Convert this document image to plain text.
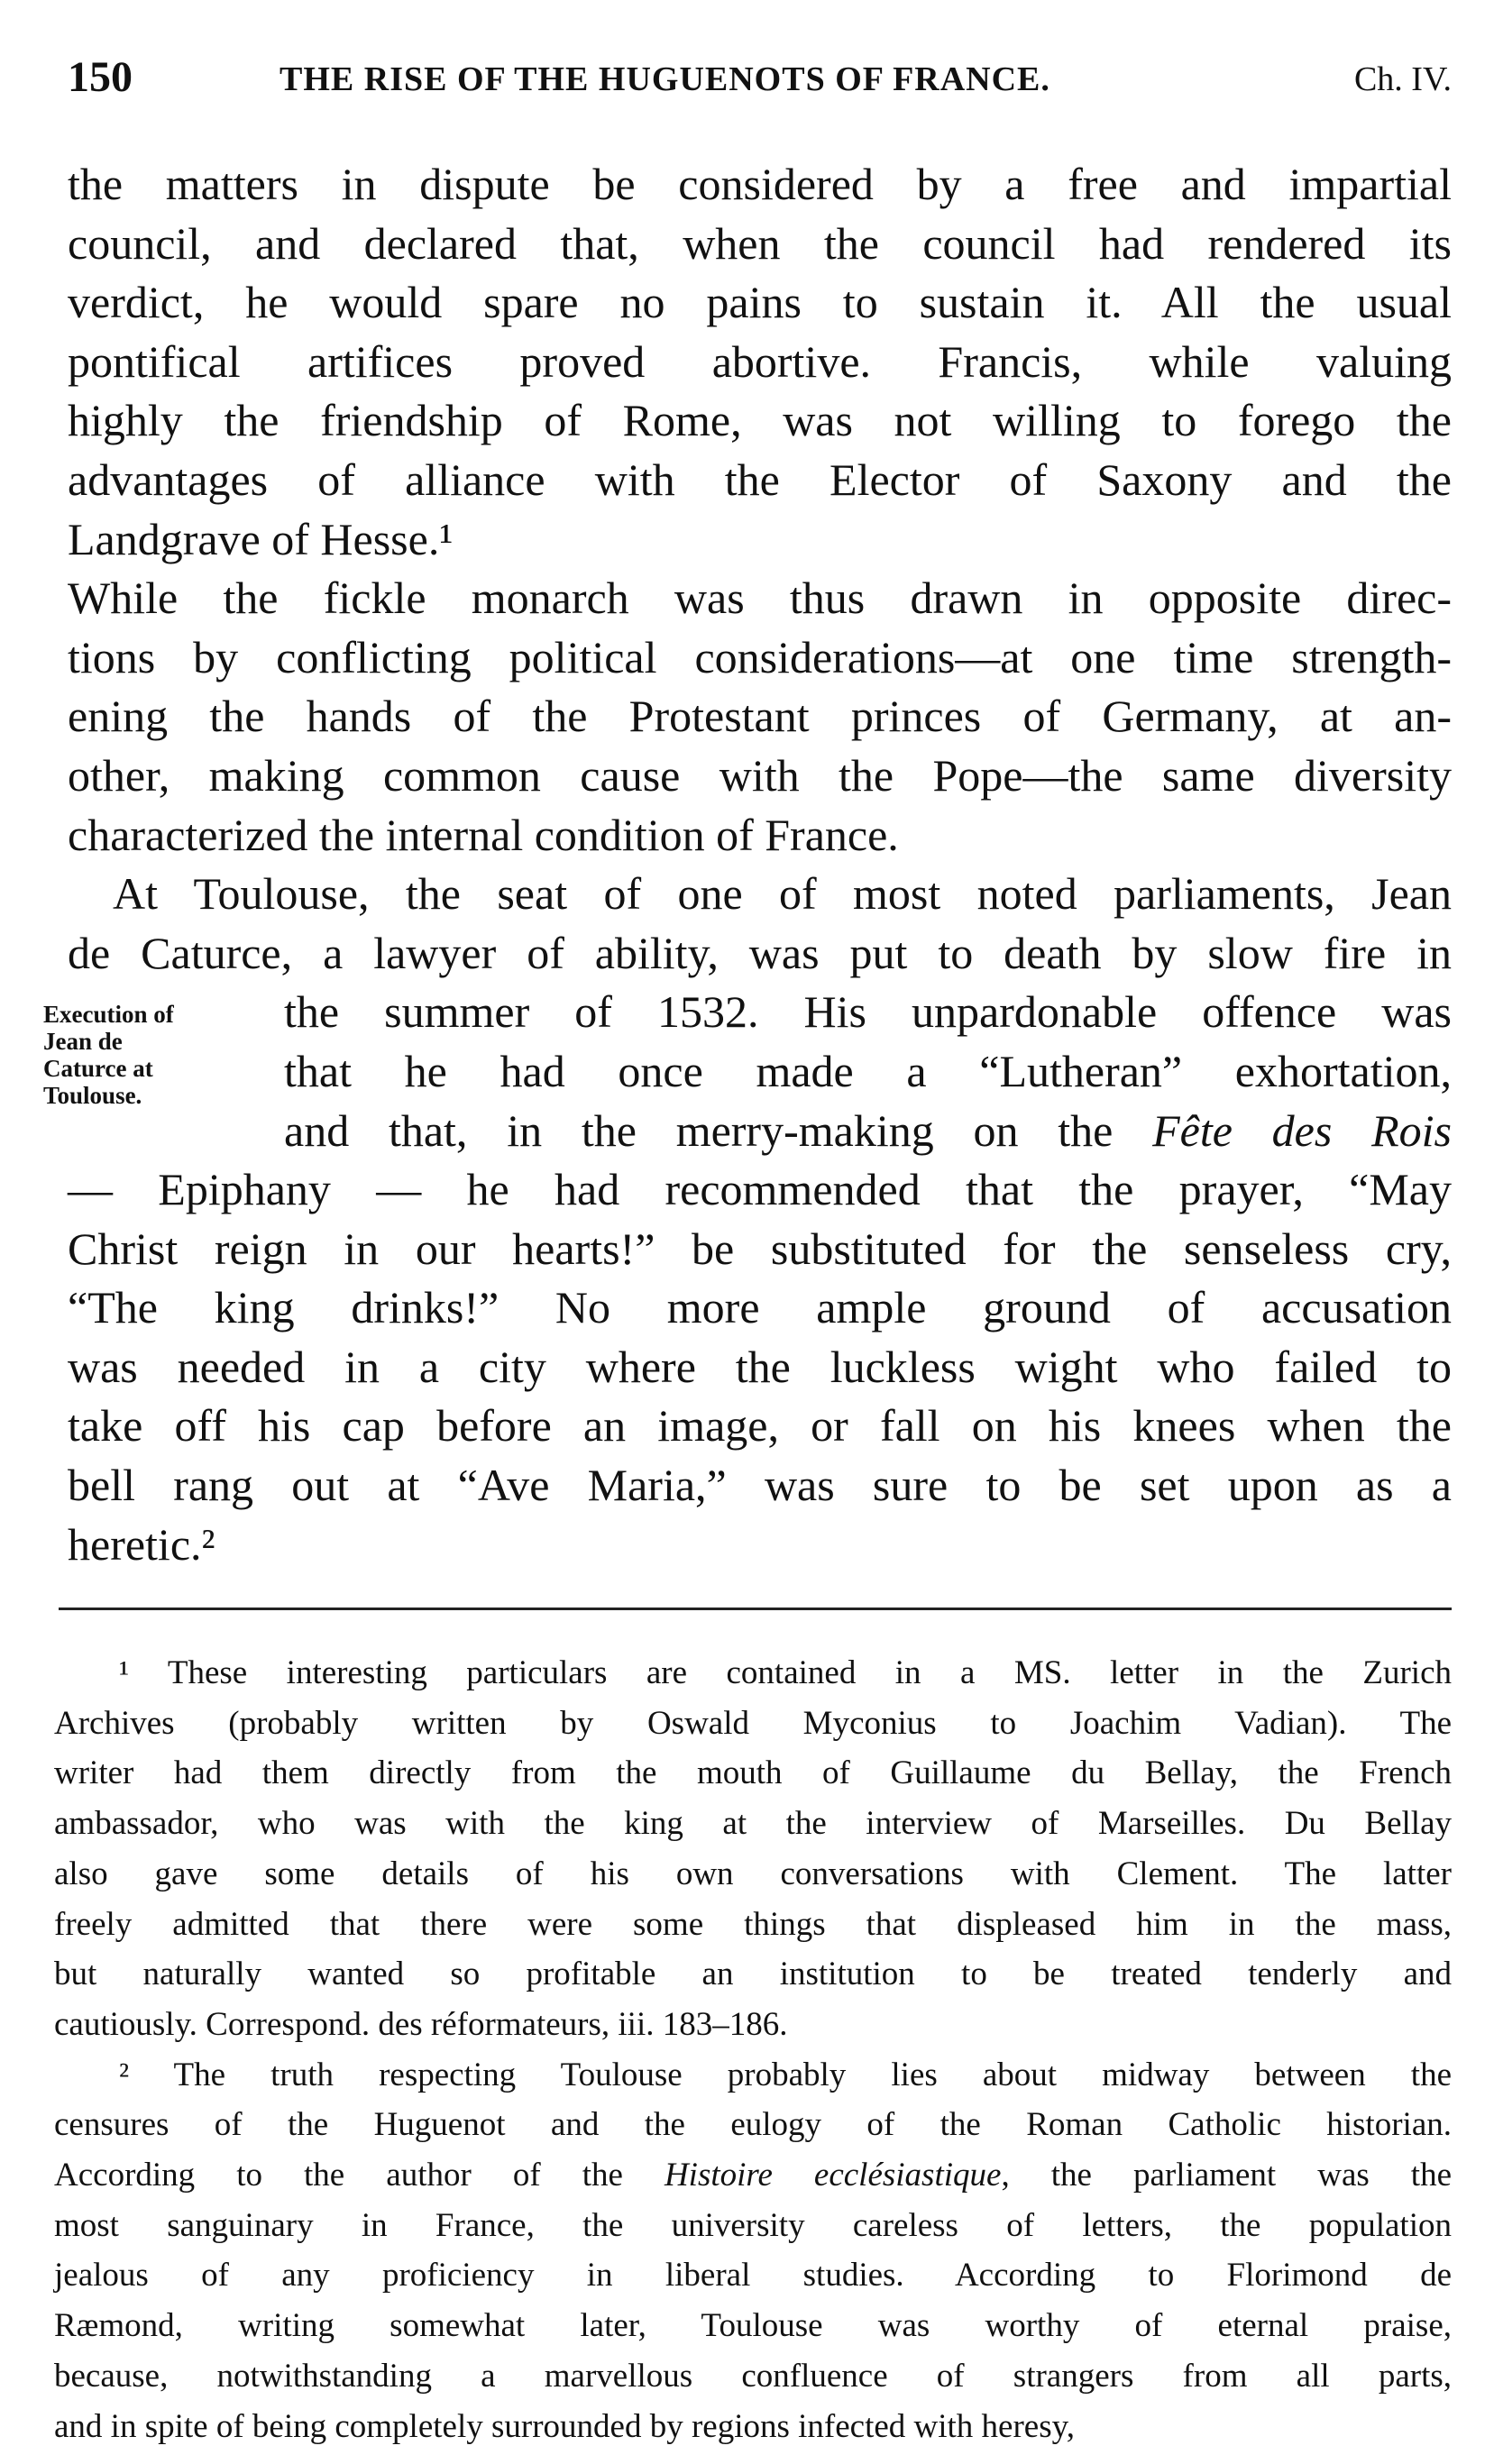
150	THE RISE OF THE HUGUENOTS OF FRANCE.	Ch. IV.
the matters in dispute be considered by a free and impartial
council, and declared that, when the council had rendered its
verdict, he would spare no pains to sustain it. All the usual
pontifical artifices proved abortive. Francis, while valuing
highly the friendship of Rome, was not willing to forego the
advantages of alliance with the Elector of Saxony and the
Landgrave of Hesse.¹
While the fickle monarch was thus drawn in opposite direc-
tions by conflicting political considerations—at one time strength-
ening the hands of the Protestant princes of Germany, at an-
other, making common cause with the Pope—the same diversity
characterized the internal condition of France.
At Toulouse, the seat of one of most noted parliaments, Jean
de Caturce, a lawyer of ability, was put to death by slow fire in
the summer of 1532. His unpardonable offence was
that he had once made a “Lutheran” exhortation,
and that, in the merry-making on the Fête des Rois
— Epiphany — he had recommended that the prayer, “May
Christ reign in our hearts!” be substituted for the senseless cry,
“The king drinks!” No more ample ground of accusation
was needed in a city where the luckless wight who failed to
take off his cap before an image, or fall on his knees when the
bell rang out at “Ave Maria,” was sure to be set upon as a
heretic.²
Execution of
Jean de
Caturce at
Toulouse.
¹ These interesting particulars are contained in a MS. letter in the Zurich
Archives (probably written by Oswald Myconius to Joachim Vadian). The
writer had them directly from the mouth of Guillaume du Bellay, the French
ambassador, who was with the king at the interview of Marseilles. Du Bellay
also gave some details of his own conversations with Clement. The latter
freely admitted that there were some things that displeased him in the mass,
but naturally wanted so profitable an institution to be treated tenderly and
cautiously. Correspond. des réformateurs, iii. 183–186.
² The truth respecting Toulouse probably lies about midway between the
censures of the Huguenot and the eulogy of the Roman Catholic historian.
According to the author of the Histoire ecclésiastique, the parliament was the
most sanguinary in France, the university careless of letters, the population
jealous of any proficiency in liberal studies. According to Florimond de
Ræmond, writing somewhat later, Toulouse was worthy of eternal praise,
because, notwithstanding a marvellous confluence of strangers from all parts,
and in spite of being completely surrounded by regions infected with heresy,
